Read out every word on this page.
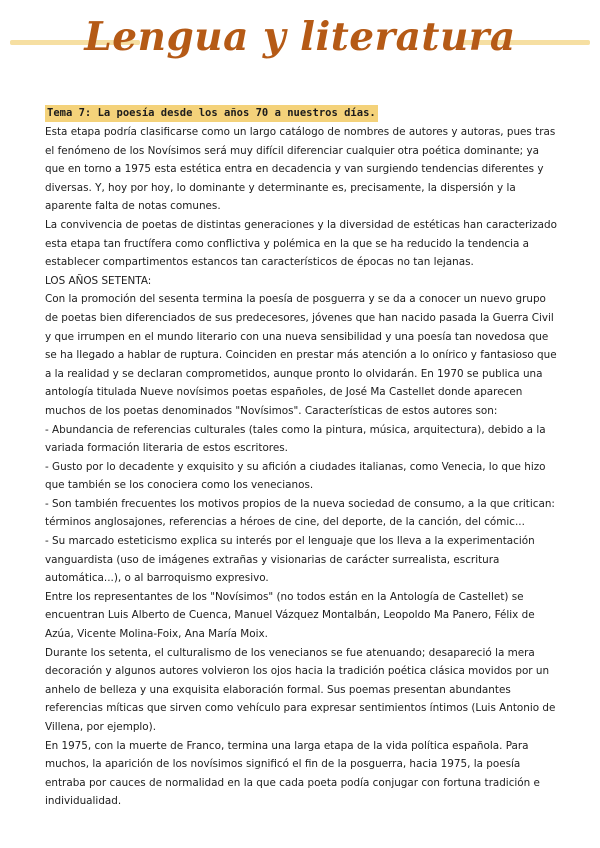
Lengua y literatura
Tema 7: La poesía desde los años 70 a nuestros días.

Esta etapa podría clasificarse como un largo catálogo de nombres de autores y autoras, pues tras el fenómeno de los Novísimos será muy difícil diferenciar cualquier otra poética dominante; ya que en torno a 1975 esta estética entra en decadencia y van surgiendo tendencias diferentes y diversas. Y, hoy por hoy, lo dominante y determinante es, precisamente, la dispersión y la aparente falta de notas comunes.

La convivencia de poetas de distintas generaciones y la diversidad de estéticas han caracterizado esta etapa tan fructífera como conflictiva y polémica en la que se ha reducido la tendencia a establecer compartimentos estancos tan característicos de épocas no tan lejanas.

LOS AÑOS SETENTA:

Con la promoción del sesenta termina la poesía de posguerra y se da a conocer un nuevo grupo de poetas bien diferenciados de sus predecesores, jóvenes que han nacido pasada la Guerra Civil y que irrumpen en el mundo literario con una nueva sensibilidad y una poesía tan novedosa que se ha llegado a hablar de ruptura. Coinciden en prestar más atención a lo onírico y fantasioso que a la realidad y se declaran comprometidos, aunque pronto lo olvidarán. En 1970 se publica una antología titulada Nueve novísimos poetas españoles, de José Ma Castellet donde aparecen muchos de los poetas denominados "Novísimos". Características de estos autores son:

- Abundancia de referencias culturales (tales como la pintura, música, arquitectura), debido a la variada formación literaria de estos escritores.

- Gusto por lo decadente y exquisito y su afición a ciudades italianas, como Venecia, lo que hizo que también se los conociera como los venecianos.

- Son también frecuentes los motivos propios de la nueva sociedad de consumo, a la que critican: términos anglosajones, referencias a héroes de cine, del deporte, de la canción, del cómic...

- Su marcado esteticismo explica su interés por el lenguaje que los lleva a la experimentación vanguardista (uso de imágenes extrañas y visionarias de carácter surrealista, escritura automática...), o al barroquismo expresivo.

Entre los representantes de los "Novísimos" (no todos están en la Antología de Castellet) se encuentran Luis Alberto de Cuenca, Manuel Vázquez Montalbán, Leopoldo Ma Panero, Félix de Azúa, Vicente Molina-Foix, Ana María Moix.

Durante los setenta, el culturalismo de los venecianos se fue atenuando; desapareció la mera decoración y algunos autores volvieron los ojos hacia la tradición poética clásica movidos por un anhelo de belleza y una exquisita elaboración formal. Sus poemas presentan abundantes referencias míticas que sirven como vehículo para expresar sentimientos íntimos (Luis Antonio de Villena, por ejemplo).

En 1975, con la muerte de Franco, termina una larga etapa de la vida política española. Para muchos, la aparición de los novísimos significó el fin de la posguerra, hacia 1975, la poesía entraba por cauces de normalidad en la que cada poeta podía conjugar con fortuna tradición e individualidad.
